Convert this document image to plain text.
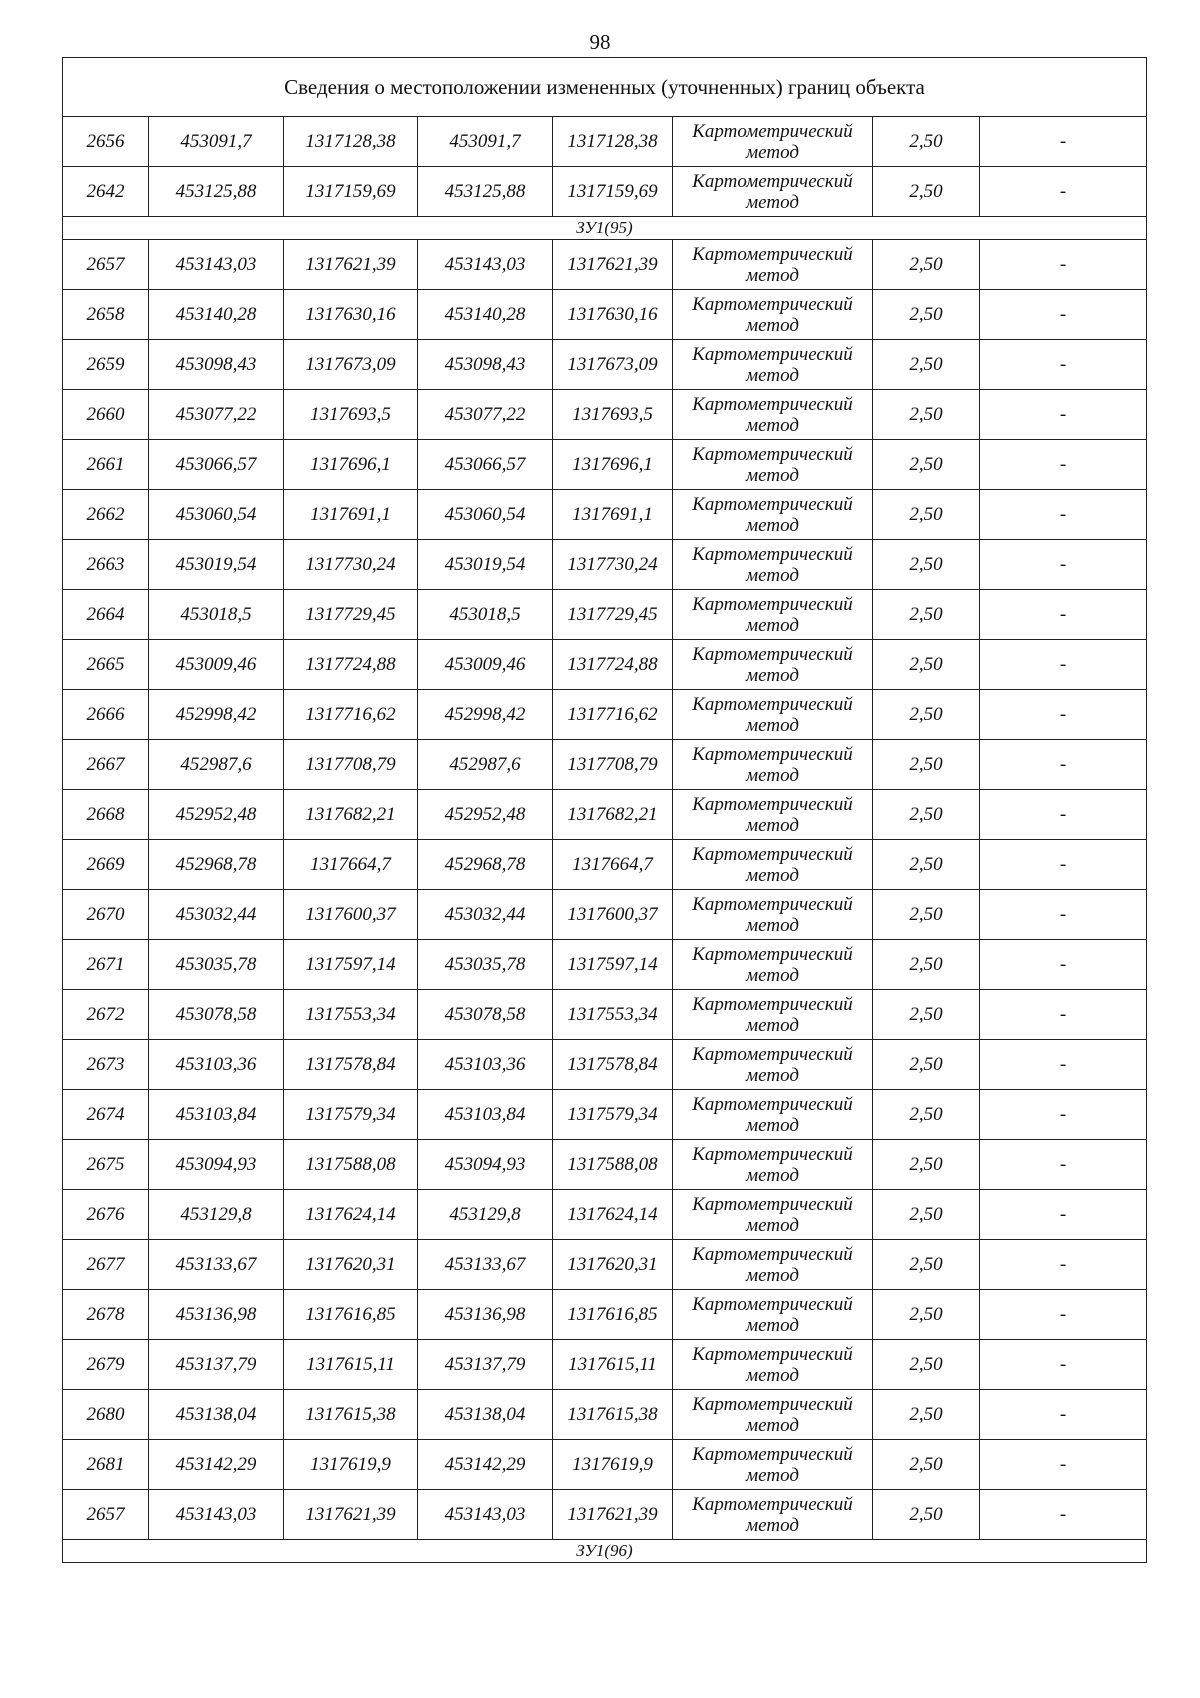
98
Сведения о местоположении измененных (уточненных) границ объекта							
2656	453091,7	1317128,38	453091,7	1317128,38	Картометрический метод	2,50	-
2642	453125,88	1317159,69	453125,88	1317159,69	Картометрический метод	2,50	-
ЗУ1(95)							
2657	453143,03	1317621,39	453143,03	1317621,39	Картометрический метод	2,50	-
2658	453140,28	1317630,16	453140,28	1317630,16	Картометрический метод	2,50	-
2659	453098,43	1317673,09	453098,43	1317673,09	Картометрический метод	2,50	-
2660	453077,22	1317693,5	453077,22	1317693,5	Картометрический метод	2,50	-
2661	453066,57	1317696,1	453066,57	1317696,1	Картометрический метод	2,50	-
2662	453060,54	1317691,1	453060,54	1317691,1	Картометрический метод	2,50	-
2663	453019,54	1317730,24	453019,54	1317730,24	Картометрический метод	2,50	-
2664	453018,5	1317729,45	453018,5	1317729,45	Картометрический метод	2,50	-
2665	453009,46	1317724,88	453009,46	1317724,88	Картометрический метод	2,50	-
2666	452998,42	1317716,62	452998,42	1317716,62	Картометрический метод	2,50	-
2667	452987,6	1317708,79	452987,6	1317708,79	Картометрический метод	2,50	-
2668	452952,48	1317682,21	452952,48	1317682,21	Картометрический метод	2,50	-
2669	452968,78	1317664,7	452968,78	1317664,7	Картометрический метод	2,50	-
2670	453032,44	1317600,37	453032,44	1317600,37	Картометрический метод	2,50	-
2671	453035,78	1317597,14	453035,78	1317597,14	Картометрический метод	2,50	-
2672	453078,58	1317553,34	453078,58	1317553,34	Картометрический метод	2,50	-
2673	453103,36	1317578,84	453103,36	1317578,84	Картометрический метод	2,50	-
2674	453103,84	1317579,34	453103,84	1317579,34	Картометрический метод	2,50	-
2675	453094,93	1317588,08	453094,93	1317588,08	Картометрический метод	2,50	-
2676	453129,8	1317624,14	453129,8	1317624,14	Картометрический метод	2,50	-
2677	453133,67	1317620,31	453133,67	1317620,31	Картометрический метод	2,50	-
2678	453136,98	1317616,85	453136,98	1317616,85	Картометрический метод	2,50	-
2679	453137,79	1317615,11	453137,79	1317615,11	Картометрический метод	2,50	-
2680	453138,04	1317615,38	453138,04	1317615,38	Картометрический метод	2,50	-
2681	453142,29	1317619,9	453142,29	1317619,9	Картометрический метод	2,50	-
2657	453143,03	1317621,39	453143,03	1317621,39	Картометрический метод	2,50	-
ЗУ1(96)							
